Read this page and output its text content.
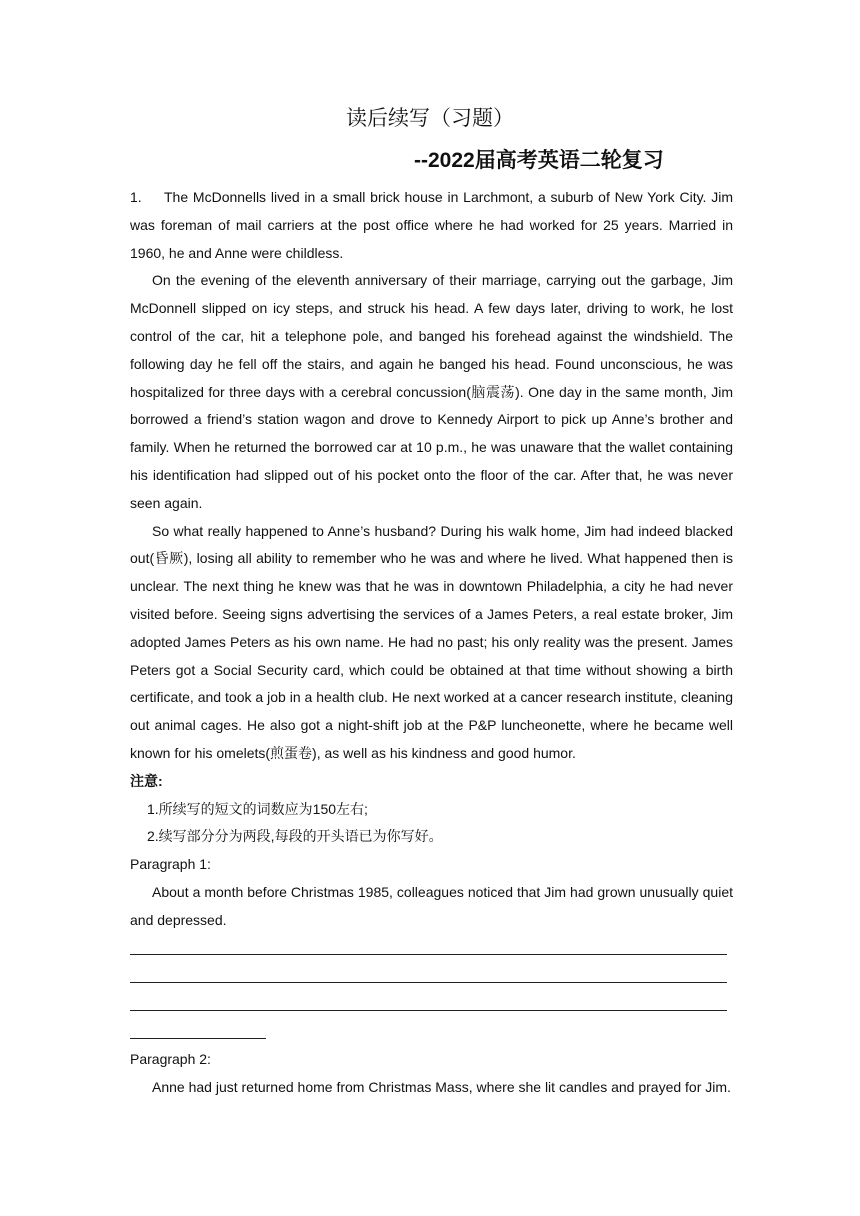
读后续写（习题）
--2022届高考英语二轮复习

1. The McDonnells lived in a small brick house in Larchmont, a suburb of New York City. Jim was foreman of mail carriers at the post office where he had worked for 25 years. Married in 1960, he and Anne were childless.

On the evening of the eleventh anniversary of their marriage, carrying out the garbage, Jim McDonnell slipped on icy steps, and struck his head. A few days later, driving to work, he lost control of the car, hit a telephone pole, and banged his forehead against the windshield. The following day he fell off the stairs, and again he banged his head. Found unconscious, he was hospitalized for three days with a cerebral concussion(脑震荡). One day in the same month, Jim borrowed a friend’s station wagon and drove to Kennedy Airport to pick up Anne’s brother and family. When he returned the borrowed car at 10 p.m., he was unaware that the wallet containing his identification had slipped out of his pocket onto the floor of the car. After that, he was never seen again.

So what really happened to Anne’s husband? During his walk home, Jim had indeed blacked out(昏厥), losing all ability to remember who he was and where he lived. What happened then is unclear. The next thing he knew was that he was in downtown Philadelphia, a city he had never visited before. Seeing signs advertising the services of a James Peters, a real estate broker, Jim adopted James Peters as his own name. He had no past; his only reality was the present. James Peters got a Social Security card, which could be obtained at that time without showing a birth certificate, and took a job in a health club. He next worked at a cancer research institute, cleaning out animal cages. He also got a night-shift job at the P&P luncheonette, where he became well known for his omelets(煎蛋卷), as well as his kindness and good humor.

注意:

1.所续写的短文的词数应为150左右;

2.续写部分分为两段,每段的开头语已为你写好。

Paragraph 1:

About a month before Christmas 1985, colleagues noticed that Jim had grown unusually quiet and depressed.

Paragraph 2:

Anne had just returned home from Christmas Mass, where she lit candles and prayed for Jim.
